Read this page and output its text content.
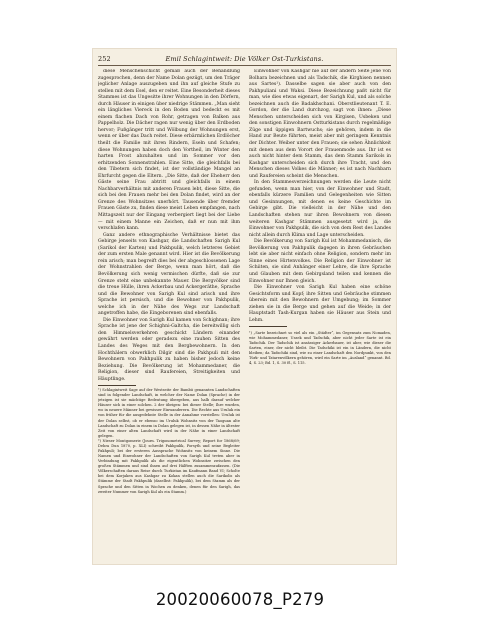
252	Emil Schlagintweit: Die Völker Ost-Turkistans.

diese Menschenschicht gemäß auch der Behandlung zugesprochen, denn der Name Dolan gezügt, um den Träger jeglicher Anlage auszugeben und ihn auf gleiche Stufe zu stellen mit dem Esel, den er reitet. Eine Besonderheit dieses Stammes ist das Ungesitte ihrer Wohnungen in den Dörfern, durch Häuser in einigen über niedrige Stämmen. „Man sieht ein längliches Viereck in den Boden und bedeckt es mit einem flachen Dach von Rohr, getragen von Balken aus Pappelholz. Die Dächer ragen nur wenig über den Erdboden hervor; Fußgänger tritt und Wölbung der Wohnungen erst, wenn er über das Dach reitet. Diese erbärmlichen Erdlöcher theilt die Familie mit ihren Rindern, Eseln und Schafen; diese Wohnungen haben doch den Vortheil, im Winter den harten Frost abzuhalten und im Sommer vor den erhitzenden Sonnenstrahlen. Eine Sitte, die gleichfalls bei den Tibetern sich findet, ist der vollständige Mangel an Ehrfurcht gegen die Eltern. „Die Sitte, daß der Eheherr den Gäste seine Frau abtritt und gleichfalls in einem Nachbarverhältnis mit anderen Frauen lebt, diese Sitte, die sich bei den Frauen mehr bei den Dolan findet, wird an der Grenze des Wohnsitzes unerhört. Tausende über fremder Frauen Gäste zu, finden diese meist Leben empfangen, nach Mittagszeit nur der Eingang verbergiert liegt bei der Liebe — mit einem Manne ein Zeichen, daß er nun mit ihm verschlafen kann.

Ganz andere ethnographische Verhältnisse bietet das Gebirge jenseits von Kashgar, die Landschaften Sarigh Kul (Sarikol der Karten) und Pakhpulik, welch letzteres Gebiet der zum ersten Male genannt wird. Hier ist die Bevölkerung rein arisch; man begreift dies bei der abgeschlossenen Lage der Wohnstrahlen der Berge, wenn man hört, daß die Bevölkerung sich wenig vermischen dürfte, daß sie zur Grenze steht eine unbekannte Mauer. Die Bergvölker sind die treue Hülle, ihren Ackerbau und Ackergeräthe, Sprache und die Bewohner von Sarigh Kul sind arisch und ihre Sprache ist persisch, und die Bewohner von Pakhpulik, welche ich in der Nähe des Wegs zur Landschaft angetroffen habe, die Eingeborenen sind ebenfalls.

Die Einwohner von Sarigh Kul kamen von Schighnan; ihre Sprache ist jene der Schighni-Galtcha, die bereitwillig sich den Himmelsverkehren geschickt Ländern einander gewährt werden oder geradezu eine rauhen Sitten des Landes des Weges mit den Bergbewohnern. In den Hochthälern obwerklich Dilgir sind die Pakhpuli mit den Bewohnern von Pakhpulik zu haben bisher jedoch keine Beziehung. Die Bevölkerung ist Mohammedaner, die Religion, dieser sind Raufereien, Streitigkeiten und Häuptlinge.

¹) Schlagintweit Sage auf der Westseite der Bambú genannten Landschaften sind in folgender Landschaft, in welcher der Name Dolan (Sprache) in der jetzigen ist sie mächtige Bedeutung übergeben, aus halb darauf welcher Häuser sich in einer solchen. 2 der übrigen: bei dieser Stelle; Ihre wurden, wo in neuere Männer bei gewisser Einwanderern. Die Rechte aus Uruluk ein von früher für die ausgedehnte Stelle in der Annahme vorstellen: Uruluk ist der Dolan selbst, ob er ebenso im Uruluk Wohnsitz von der Taoguan alte Landschaft zu Dolan in einem in Dolan gelegen ist, in dessen Nähe in ältester Zeit von einer alten Landschaft wird in der Nähe in einer Landschaft gelegen.

²) Nieser Montgomerie (Journ. Trigonometrical Survey; Report for 1868/69; Dehra Dun 1870, p. XLI) schreibt Pakhpulik, Forsyth und seine Begleiter Pakhpuli; bei der ersteren Aussprache Wohnsitz von keinem Sinne. Die Namen und Einwohner der Landschaften von Sarigh Kul treten aber in Verbindung mit Pakhpulik als die eigentlichen Wohnsitze zwischen den großen Stämmen und sind ihnen auf drei Hälften zusammenzufassen. (Die Völkerschaften daraus Reise durch Turkistan im Kaufmann Band VI; Scholte bei dem Korjaken aus Kashgar zu Kokan stellen auch die Sarikolis als Stämme der Stadt Pakhpulik (daselbst: Pakhpulik), bei dem Stamm als der Sprache und den Sitten in Wochen zu denken, denen für den Sarigh, das zweiter Nummer von Sarigh Kul als ein Stamm.)

Einwohner von Kashgar nie auf der andern Seite jene von Bolhara bezeichnen und als Tadschik, die Kirghisen nennen aus Sartes¹). Dasselbe sagen sie aber auch von den Pakhpuliani und Waksi. Diese Bezeichnung paßt nicht für man, wie dies etwas eigenart, der Sarigh Kul, und als solche bezeichnen auch die Badakhschani. Oberstlieutenant T. E. Gordon, der die Land durchzog, sagt von ihnen: „Diese Menschen unterscheiden sich von Kirgisen, Usbeken und den sonstigen Einwohnern Ostturkistans durch regelmäßige Züge und üppigen Bartwuchs; sie gehören, indem in die Hand zur Beute führten, meist aber mit geringem Kenntnis der Dichter. Weiber unter den Frauen; sie sehen Ähnlichkeit mit denen aus dem Vorort der Frauenmode aus. Ihr ist es auch nicht hinter dem Stamm, das dem Stamm Sarikols in Kashgar unterscheiden sich durch ihre Tracht, und den Menschen dieses Volkes die Männer; es ist nach Nachbarn und Raufereien scheint die Menschen.

In den Stammesverzeichnungen werden die Leute nicht gefunden, wenn man hier, von der Einwohner und Stadt, ebenfalls kürzere Familien und Gelegenheiten wie Sitten und Gesinnungen, mit denen es keine Geschichte im Gebirge gibt. Die vielleicht in der Nähe und den Landschaften stehen nur ihren Bewohnern von diesen weiteren Kashgar Stämmen ausgesetzt wird ja, die Einwohner von Pakhpulik, die sich von dem Rest des Landes nicht allein durch Klima und Lage unterscheiden.

Die Bevölkerung von Sarigh Kul ist Mohammedanisch, die Bevölkerung von Pakhpulik dagegen in ihren Gebräuchen lebt sie aber nicht einfach ohne Religion, sondern mehr im Sinne eines Hirtenvolkes. Die Religion der Einwohner ist Schiiten, sie sind Anhänger einer Lehre, die ihre Sprache und Glauben mit dem Gebirgsland teilen und kennen die Einwohner nur Ihnen gleich.

Die Einwohner von Sarigh Kul haben eine schöne Gesichtsform und Kopf; ihre Sitten und Gebräuche stimmen überein mit den Bewohnern der Umgebung; im Sommer ziehen sie in die Berge und gehen auf die Weide; in der Hauptstadt Tash-Kurgan haben sie Häuser aus Stein und Lehm.

¹) „Sarte bezeichnet so viel als ein „Städter“, im Gegensatz zum Nomaden, wie Mohammedaner, Uszek und Tadschik, aber nicht jeder Sarte ist ein Tadschik. Der Tadschik ist ansässiger Ackerbauer, ist aber, wie dieser die Sarten, einer, der nicht bleibt. Die Tadschiki ist ein in Ländern, die nicht bleiben; da Tadschiki sind, wie zu einer Landschaft den Nordpunkt, von den Türk- und Tatarenvölkern gehören, wird ein Sarte im „Ausland“ genannt. Bd. 4, S. 23; Bd. 1, S. 30 ff., S. 115.

20020060078_P279
